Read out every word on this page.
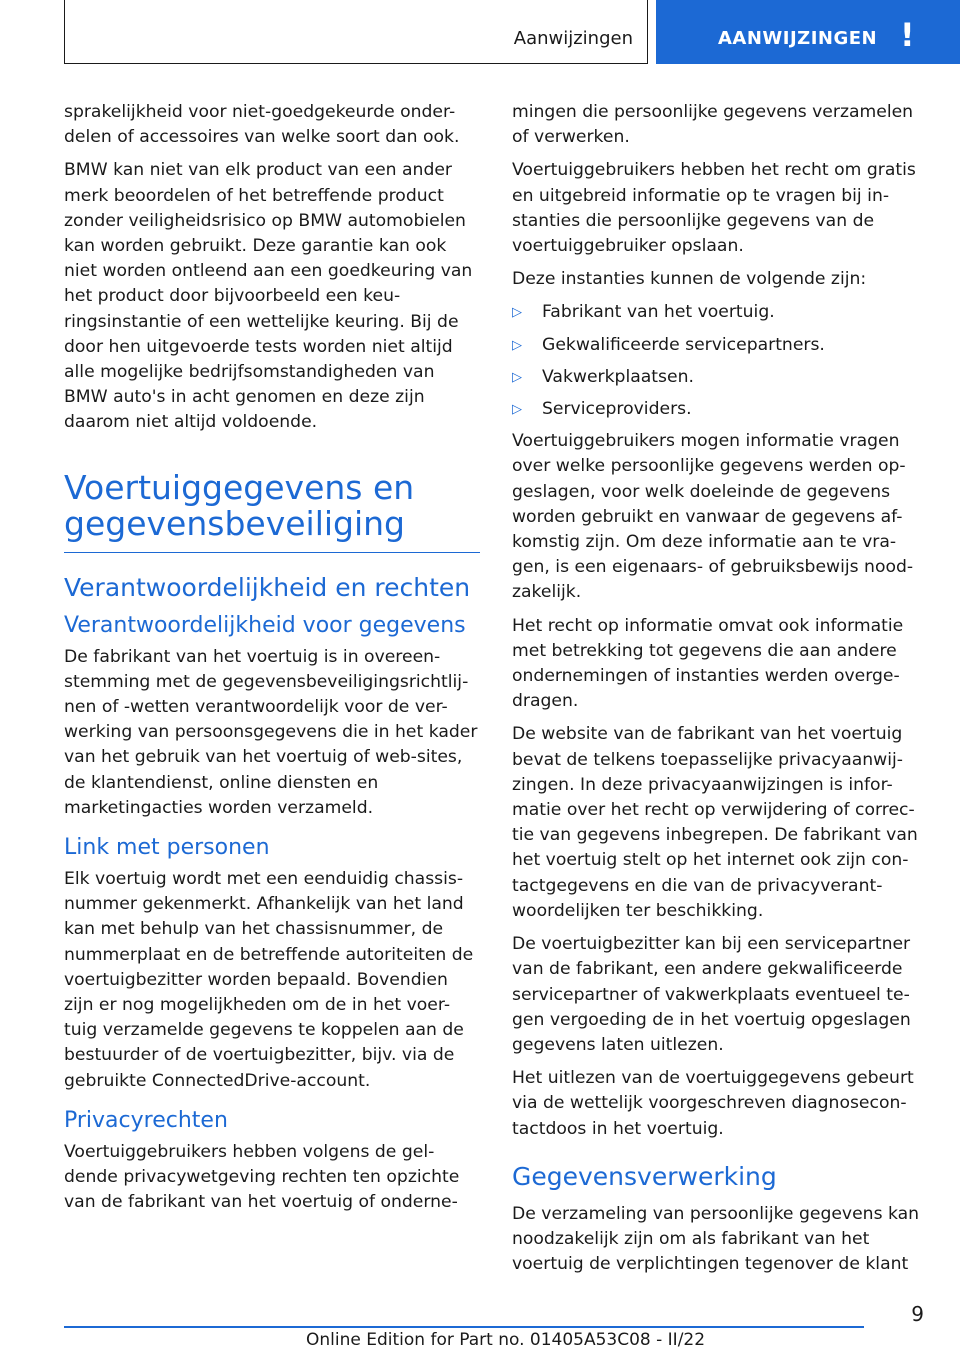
Aanwijzingen	AANWIJZINGEN !

sprakelijkheid voor niet-goedgekeurde onder-delen of accessoires van welke soort dan ook.

BMW kan niet van elk product van een ander merk beoordelen of het betreffende product zonder veiligheidsrisico op BMW automobielen kan worden gebruikt. Deze garantie kan ook niet worden ontleend aan een goedkeuring van het product door bijvoorbeeld een keu-ringsinstantie of een wettelijke keuring. Bij de door hen uitgevoerde tests worden niet altijd alle mogelijke bedrijfsomstandigheden van BMW auto's in acht genomen en deze zijn daarom niet altijd voldoende.

Voertuiggegevens en gegevensbeveiliging
Verantwoordelijkheid en rechten
Verantwoordelijkheid voor gegevens

De fabrikant van het voertuig is in overeen-stemming met de gegevensbeveiligingsrichtlij-nen of -wetten verantwoordelijk voor de ver-werking van persoonsgegevens die in het kader van het gebruik van het voertuig of web-sites, de klantendienst, online diensten en marketingacties worden verzameld.

Link met personen

Elk voertuig wordt met een eenduidig chassis-nummer gekenmerkt. Afhankelijk van het land kan met behulp van het chassisnummer, de nummerplaat en de betreffende autoriteiten de voertuigbezitter worden bepaald. Bovendien zijn er nog mogelijkheden om de in het voer-tuig verzamelde gegevens te koppelen aan de bestuurder of de voertuigbezitter, bijv. via de gebruikte ConnectedDrive-account.

Privacyrechten

Voertuiggebruikers hebben volgens de gel-dende privacywetgeving rechten ten opzichte van de fabrikant van het voertuig of onderne-

mingen die persoonlijke gegevens verzamelen of verwerken.

Voertuiggebruikers hebben het recht om gratis en uitgebreid informatie op te vragen bij in-stanties die persoonlijke gegevens van de voertuiggebruiker opslaan.

Deze instanties kunnen de volgende zijn:

▷ Fabrikant van het voertuig.
▷ Gekwalificeerde servicepartners.
▷ Vakwerkplaatsen.
▷ Serviceproviders.

Voertuiggebruikers mogen informatie vragen over welke persoonlijke gegevens werden op-geslagen, voor welk doeleinde de gegevens worden gebruikt en vanwaar de gegevens af-komstig zijn. Om deze informatie aan te vra-gen, is een eigenaars- of gebruiksbewijs nood-zakelijk.

Het recht op informatie omvat ook informatie met betrekking tot gegevens die aan andere ondernemingen of instanties werden overge-dragen.

De website van de fabrikant van het voertuig bevat de telkens toepasselijke privacyaanwij-zingen. In deze privacyaanwijzingen is infor-matie over het recht op verwijdering of correc-tie van gegevens inbegrepen. De fabrikant van het voertuig stelt op het internet ook zijn con-tactgegevens en die van de privacyverant-woordelijken ter beschikking.

De voertuigbezitter kan bij een servicepartner van de fabrikant, een andere gekwalificeerde servicepartner of vakwerkplaats eventueel te-gen vergoeding de in het voertuig opgeslagen gegevens laten uitlezen.

Het uitlezen van de voertuiggegevens gebeurt via de wettelijk voorgeschreven diagnosecon-tactdoos in het voertuig.

Gegevensverwerking

De verzameling van persoonlijke gegevens kan noodzakelijk zijn om als fabrikant van het voertuig de verplichtingen tegenover de klant

9
Online Edition for Part no. 01405A53C08 - II/22
